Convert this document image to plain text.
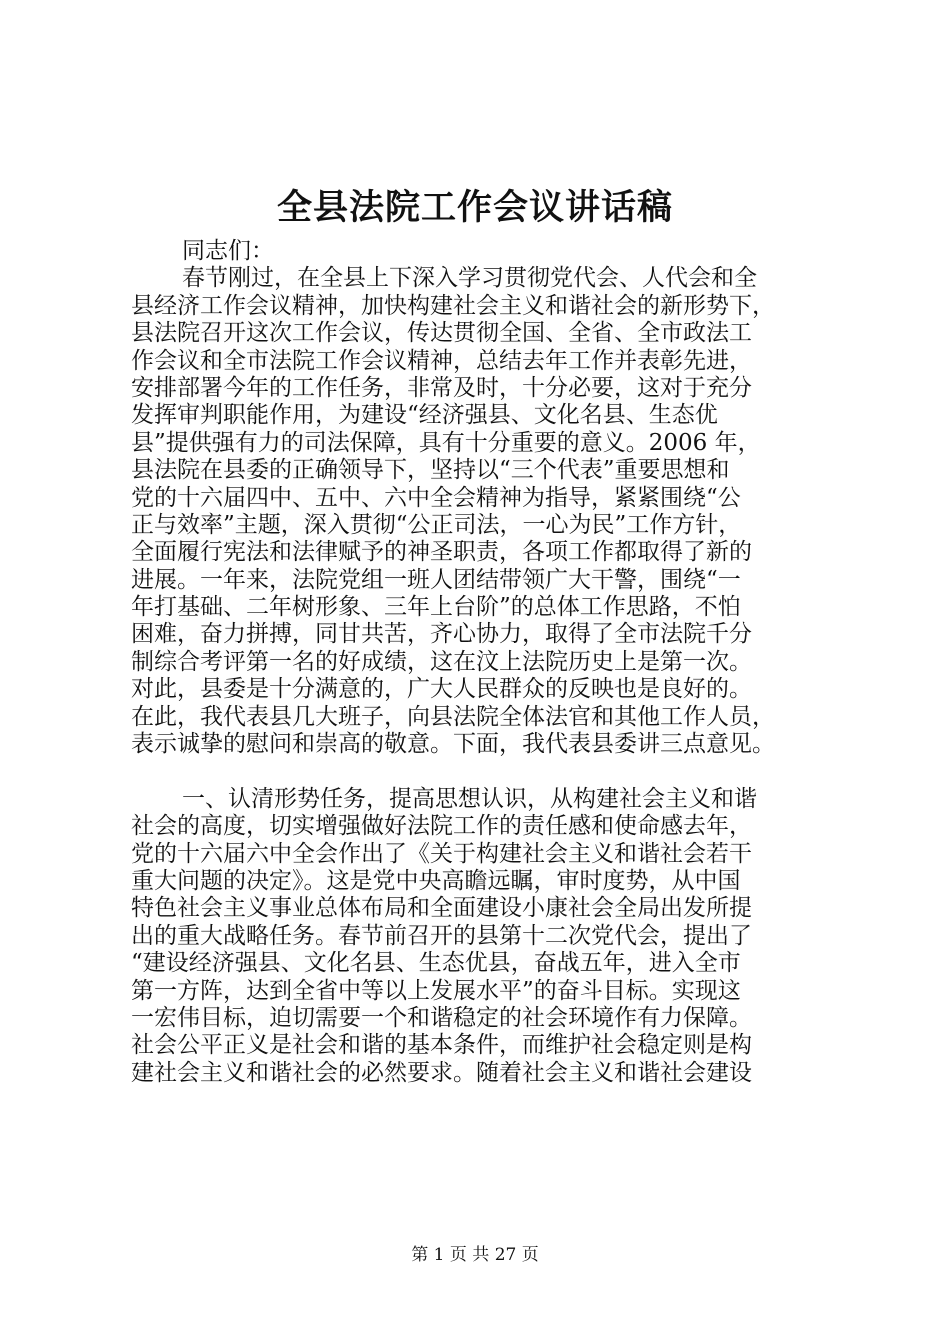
全县法院工作会议讲话稿
同志们：
春节刚过，在全县上下深入学习贯彻党代会、人代会和全
县经济工作会议精神，加快构建社会主义和谐社会的新形势下，
县法院召开这次工作会议，传达贯彻全国、全省、全市政法工
作会议和全市法院工作会议精神，总结去年工作并表彰先进，
安排部署今年的工作任务，非常及时，十分必要，这对于充分
发挥审判职能作用，为建设“经济强县、文化名县、生态优
县”提供强有力的司法保障，具有十分重要的意义。2006 年，
县法院在县委的正确领导下，坚持以“三个代表”重要思想和
党的十六届四中、五中、六中全会精神为指导，紧紧围绕“公
正与效率”主题，深入贯彻“公正司法，一心为民”工作方针，
全面履行宪法和法律赋予的神圣职责，各项工作都取得了新的
进展。一年来，法院党组一班人团结带领广大干警，围绕“一
年打基础、二年树形象、三年上台阶”的总体工作思路，不怕
困难，奋力拼搏，同甘共苦，齐心协力，取得了全市法院千分
制综合考评第一名的好成绩，这在汶上法院历史上是第一次。
对此，县委是十分满意的，广大人民群众的反映也是良好的。
在此，我代表县几大班子，向县法院全体法官和其他工作人员，
表示诚挚的慰问和崇高的敬意。下面，我代表县委讲三点意见。
一、认清形势任务，提高思想认识，从构建社会主义和谐
社会的高度，切实增强做好法院工作的责任感和使命感去年，
党的十六届六中全会作出了《关于构建社会主义和谐社会若干
重大问题的决定》。这是党中央高瞻远瞩，审时度势，从中国
特色社会主义事业总体布局和全面建设小康社会全局出发所提
出的重大战略任务。春节前召开的县第十二次党代会，提出了
“建设经济强县、文化名县、生态优县，奋战五年，进入全市
第一方阵，达到全省中等以上发展水平”的奋斗目标。实现这
一宏伟目标，迫切需要一个和谐稳定的社会环境作有力保障。
社会公平正义是社会和谐的基本条件，而维护社会稳定则是构
建社会主义和谐社会的必然要求。随着社会主义和谐社会建设
第 1 页 共 27 页
